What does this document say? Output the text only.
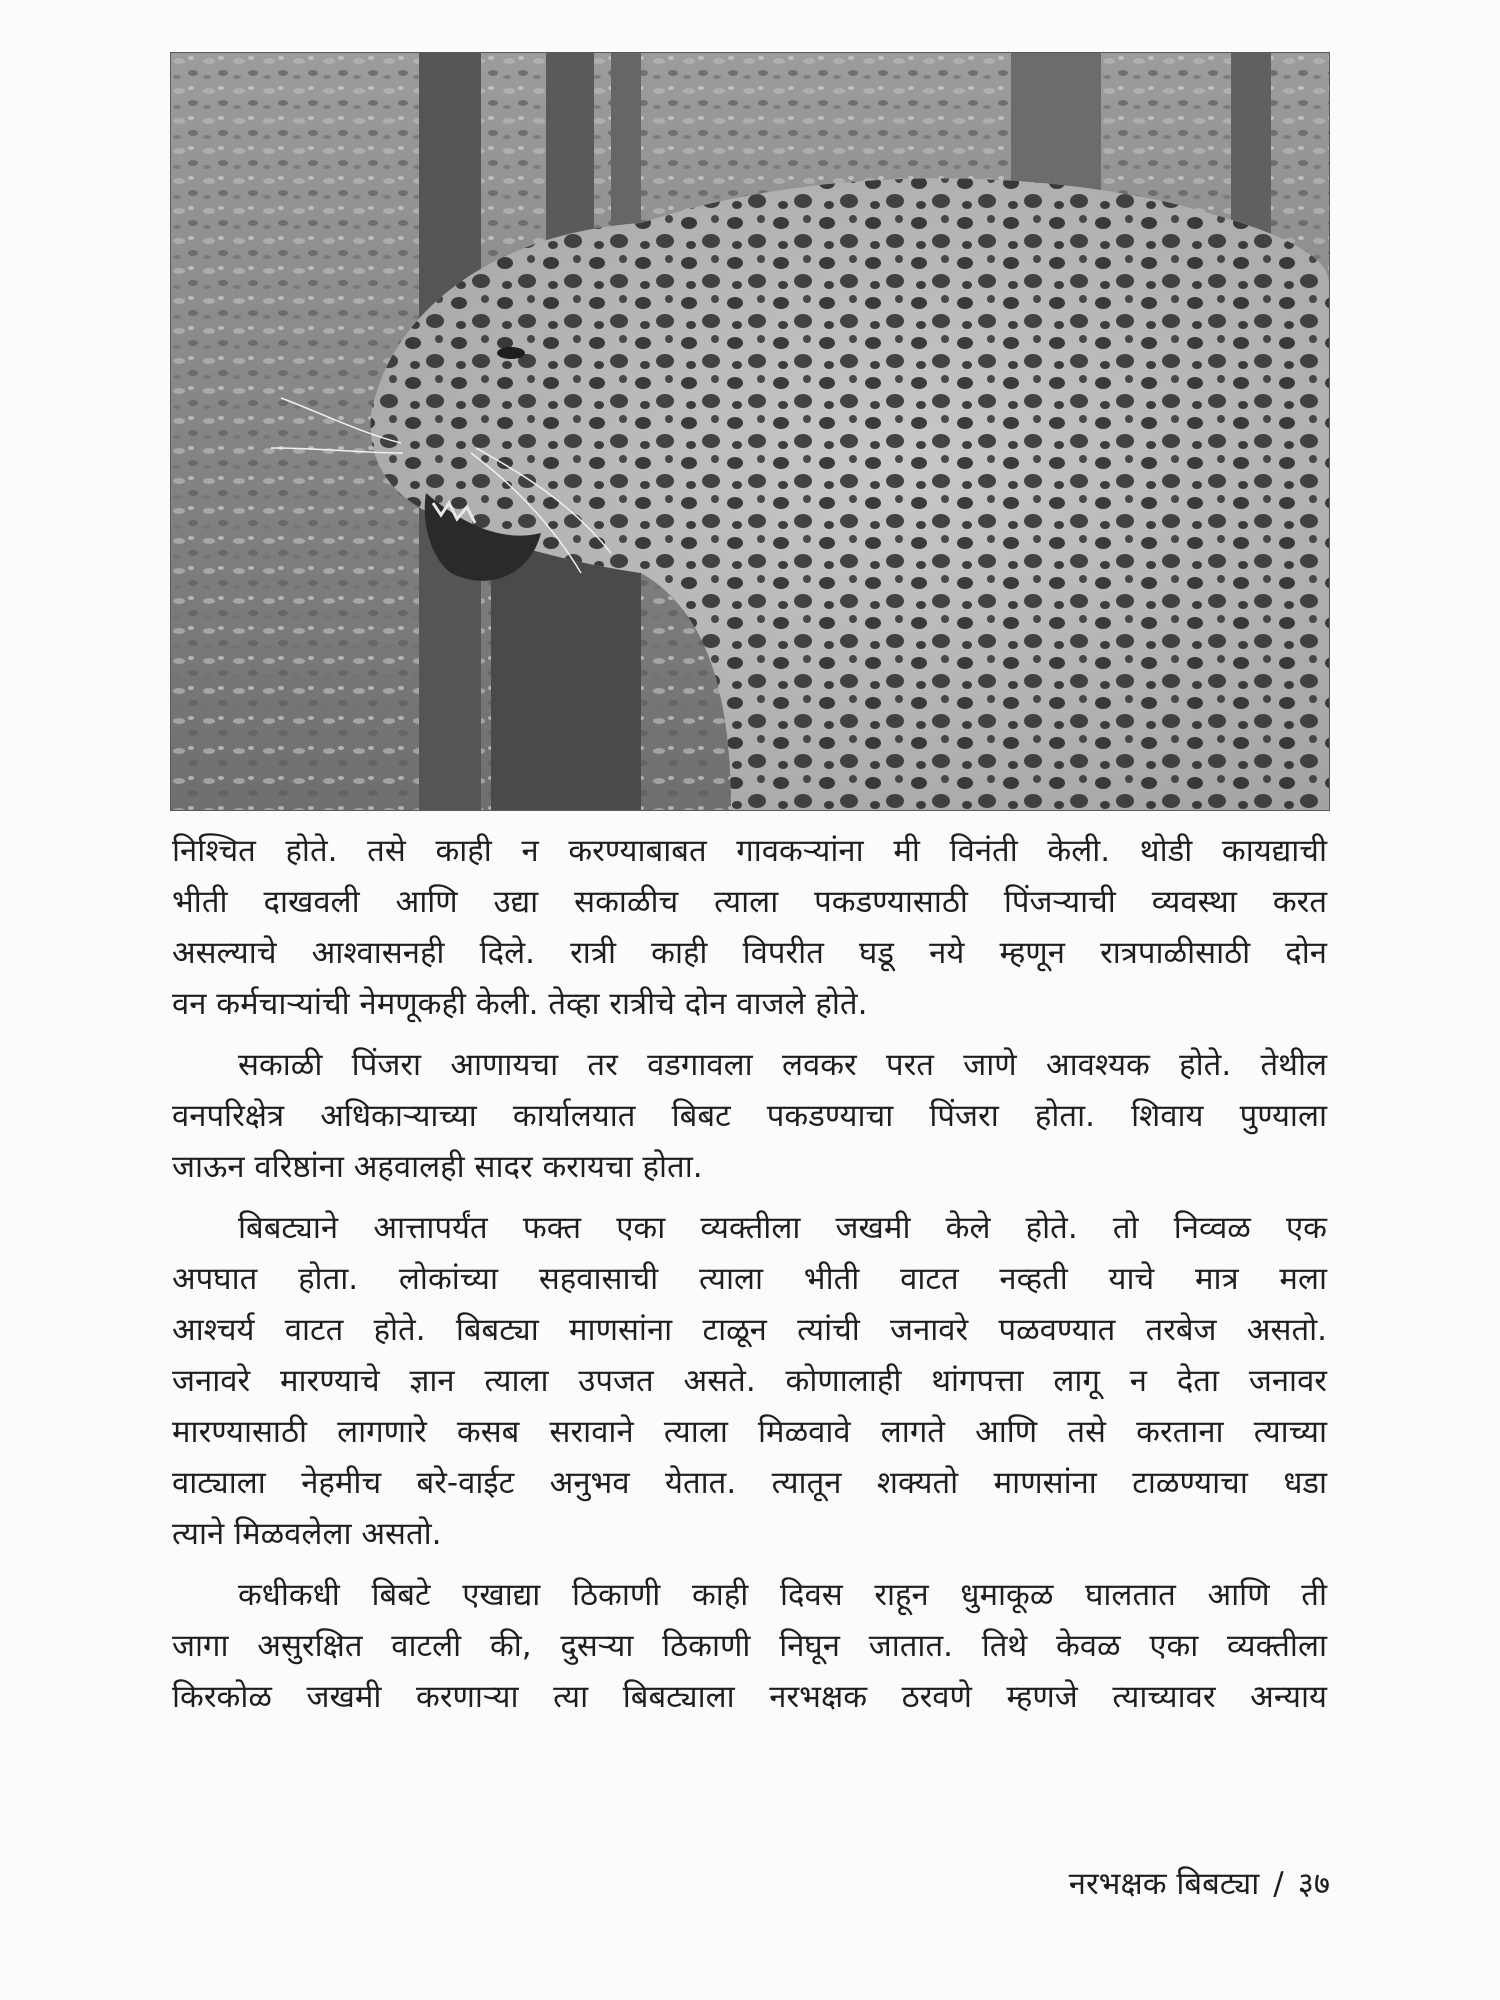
निश्चित होते. तसे काही न करण्याबाबत गावकऱ्यांना मी विनंती केली. थोडी कायद्याची
भीती दाखवली आणि उद्या सकाळीच त्याला पकडण्यासाठी पिंजऱ्याची व्यवस्था करत
असल्याचे आश्वासनही दिले. रात्री काही विपरीत घडू नये म्हणून रात्रपाळीसाठी दोन
वन कर्मचाऱ्यांची नेमणूकही केली. तेव्हा रात्रीचे दोन वाजले होते.
सकाळी पिंजरा आणायचा तर वडगावला लवकर परत जाणे आवश्यक होते. तेथील
वनपरिक्षेत्र अधिकाऱ्याच्या कार्यालयात बिबट पकडण्याचा पिंजरा होता. शिवाय पुण्याला
जाऊन वरिष्ठांना अहवालही सादर करायचा होता.
बिबट्याने आत्तापर्यंत फक्त एका व्यक्तीला जखमी केले होते. तो निव्वळ एक
अपघात होता. लोकांच्या सहवासाची त्याला भीती वाटत नव्हती याचे मात्र मला
आश्चर्य वाटत होते. बिबट्या माणसांना टाळून त्यांची जनावरे पळवण्यात तरबेज असतो.
जनावरे मारण्याचे ज्ञान त्याला उपजत असते. कोणालाही थांगपत्ता लागू न देता जनावर
मारण्यासाठी लागणारे कसब सरावाने त्याला मिळवावे लागते आणि तसे करताना त्याच्या
वाट्याला नेहमीच बरे-वाईट अनुभव येतात. त्यातून शक्यतो माणसांना टाळण्याचा धडा
त्याने मिळवलेला असतो.
कधीकधी बिबटे एखाद्या ठिकाणी काही दिवस राहून धुमाकूळ घालतात आणि ती
जागा असुरक्षित वाटली की, दुसऱ्या ठिकाणी निघून जातात. तिथे केवळ एका व्यक्तीला
किरकोळ जखमी करणाऱ्या त्या बिबट्याला नरभक्षक ठरवणे म्हणजे त्याच्यावर अन्याय
नरभक्षक बिबट्या / ३७
